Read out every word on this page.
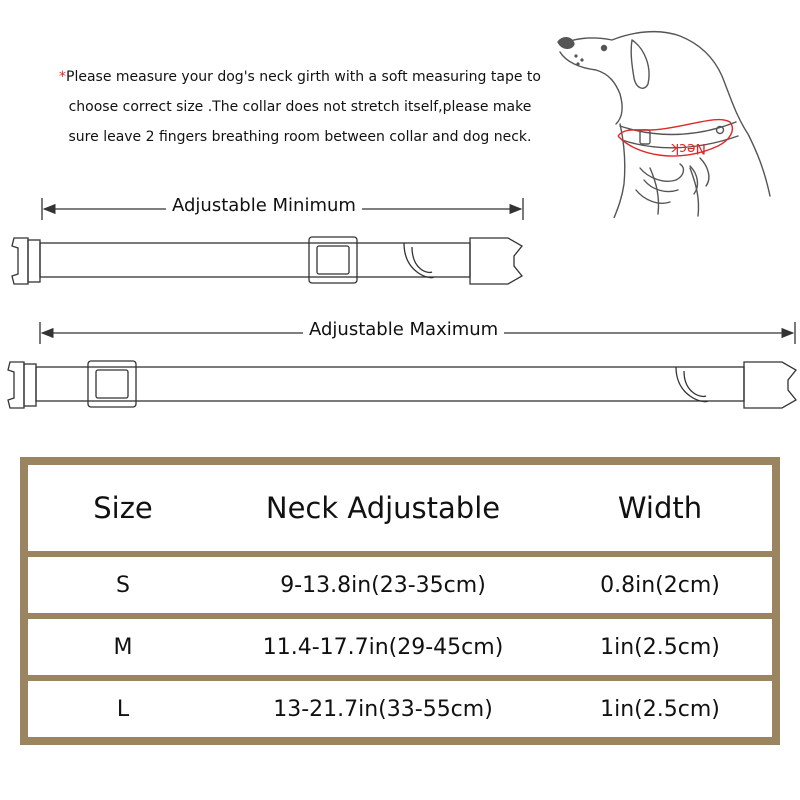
*Please measure your dog's neck girth with a soft measuring tape to
choose correct size .The collar does not stretch itself,please make
sure leave 2 fingers breathing room between collar and dog neck.
Neck
Adjustable Minimum
Adjustable Maximum
Size	Neck Adjustable	Width
S	9-13.8in(23-35cm)	0.8in(2cm)
M	11.4-17.7in(29-45cm)	1in(2.5cm)
L	13-21.7in(33-55cm)	1in(2.5cm)
